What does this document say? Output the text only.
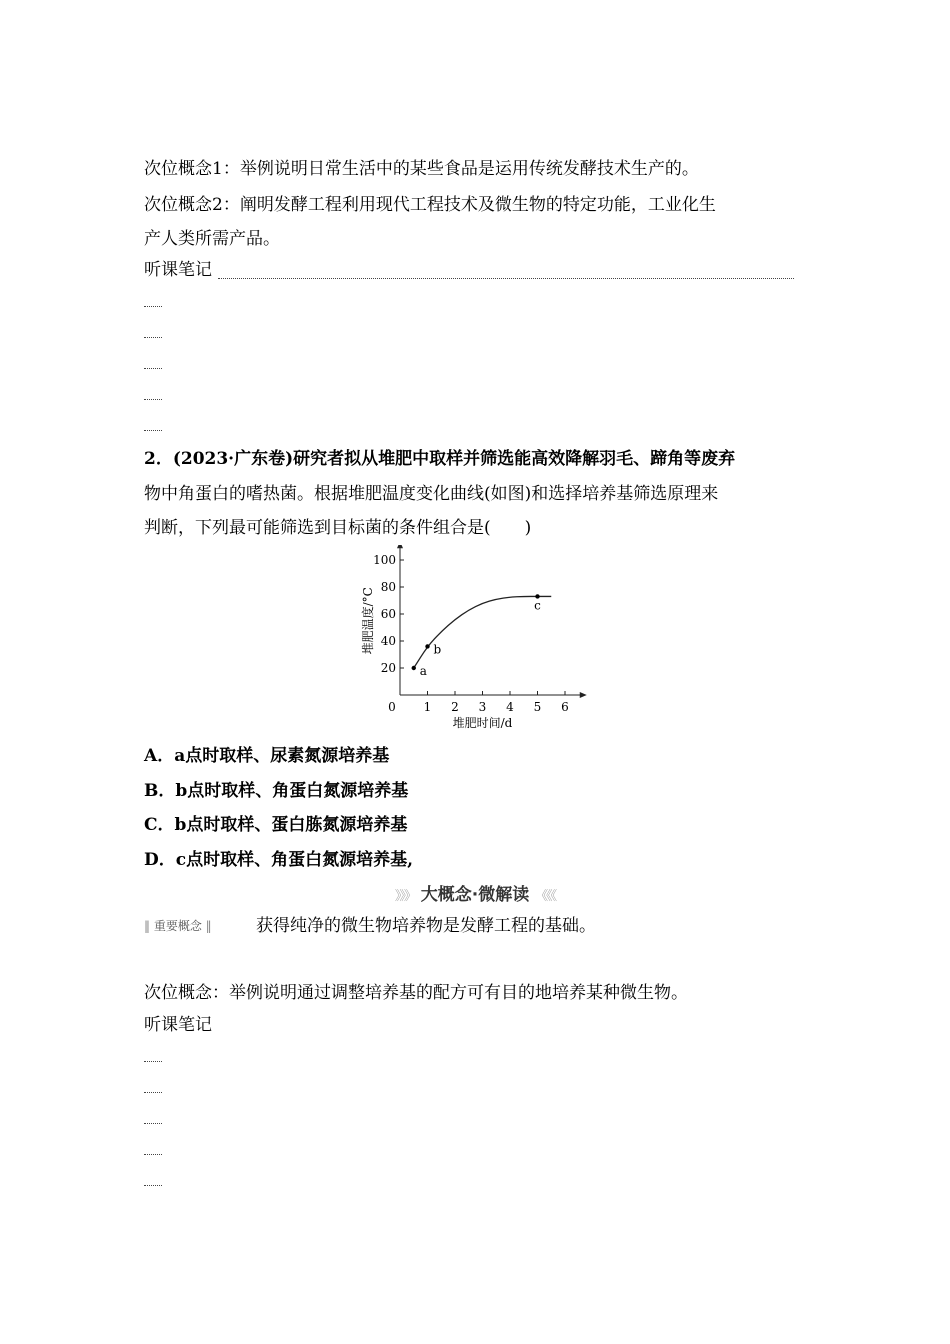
次位概念1：举例说明日常生活中的某些食品是运用传统发酵技术生产的。
次位概念2：阐明发酵工程利用现代工程技术及微生物的特定功能，工业化生
产人类所需产品。
听课笔记
2．(2023·广东卷)研究者拟从堆肥中取样并筛选能高效降解羽毛、蹄角等废弃
物中角蛋白的嗜热菌。根据堆肥温度变化曲线(如图)和选择培养基筛选原理来
判断，下列最可能筛选到目标菌的条件组合是(　　)
0 1 2 3 4 5 6
20
40
60
80
100
a
b
c
堆肥温度/°C
堆肥时间/d
A．a点时取样、尿素氮源培养基
B．b点时取样、角蛋白氮源培养基
C．b点时取样、蛋白胨氮源培养基
D．c点时取样、角蛋白氮源培养基,
》》》 大概念·微解读 《《《
‖ 重要概念 ‖	获得纯净的微生物培养物是发酵工程的基础。
次位概念：举例说明通过调整培养基的配方可有目的地培养某种微生物。
听课笔记
